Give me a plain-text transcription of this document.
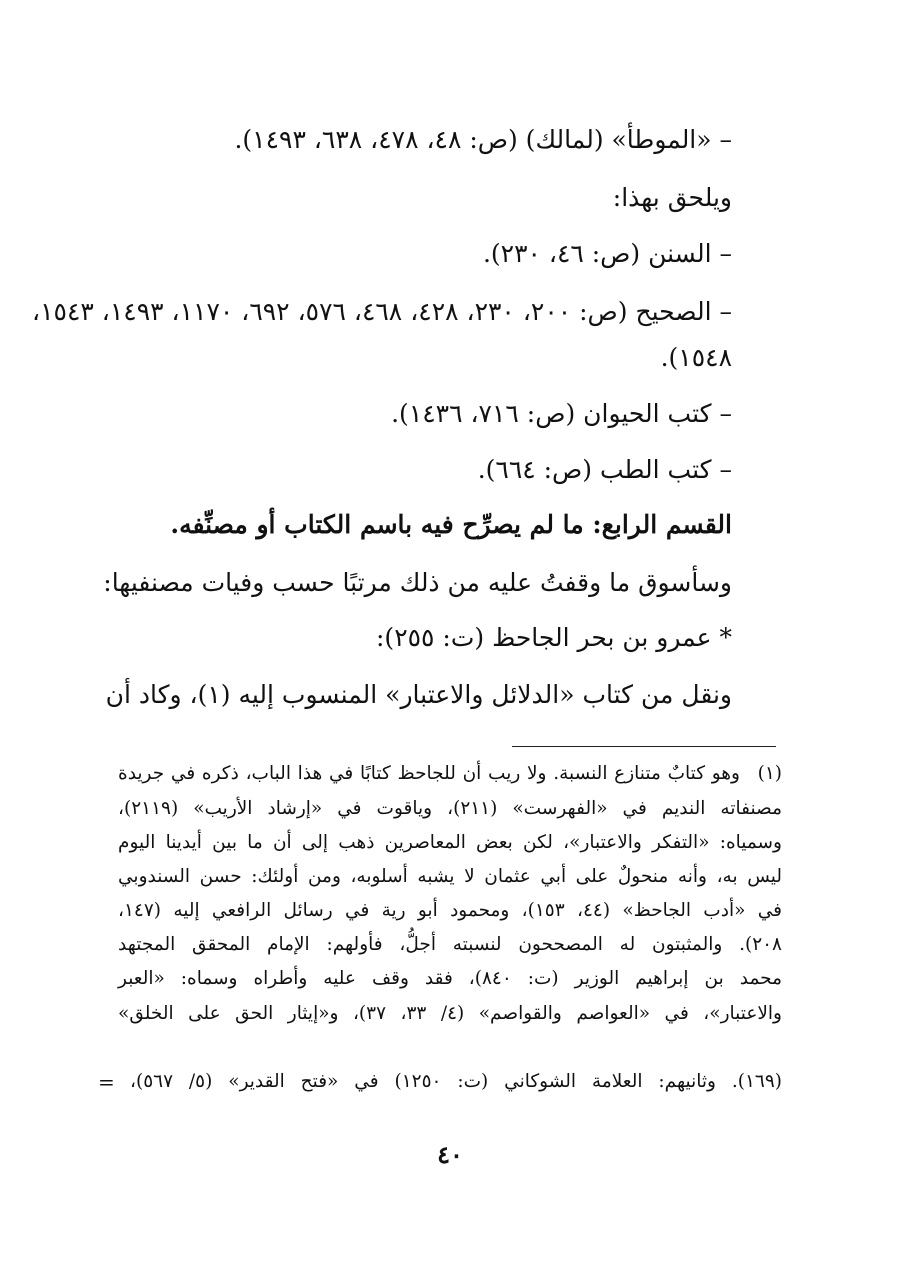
– «الموطأ» (لمالك) (ص: ٤٨، ٤٧٨، ٦٣٨، ١٤٩٣).
ويلحق بهذا:
– السنن (ص: ٤٦، ٢٣٠).
– الصحيح (ص: ٢٠٠، ٢٣٠، ٤٢٨، ٤٦٨، ٥٧٦، ٦٩٢، ١١٧٠، ١٤٩٣، ١٥٤٣،
١٥٤٨).
– كتب الحيوان (ص: ٧١٦، ١٤٣٦).
– كتب الطب (ص: ٦٦٤).
القسم الرابع: ما لم يصرِّح فيه باسم الكتاب أو مصنِّفه.
وسأسوق ما وقفتُ عليه من ذلك مرتبًا حسب وفيات مصنفيها:
* عمرو بن بحر الجاحظ (ت: ٢٥٥):
ونقل من كتاب «الدلائل والاعتبار» المنسوب إليه (١)، وكاد أن
(١)
وهو كتابٌ متنازع النسبة. ولا ريب أن للجاحظ كتابًا في هذا الباب، ذكره في جريدة
مصنفاته النديم في «الفهرست» (٢١١)، وياقوت في «إرشاد الأريب» (٢١١٩)،
وسمياه: «التفكر والاعتبار»، لكن بعض المعاصرين ذهب إلى أن ما بين أيدينا اليوم
ليس به، وأنه منحولٌ على أبي عثمان لا يشبه أسلوبه، ومن أولئك: حسن السندوبي
في «أدب الجاحظ» (٤٤، ١٥٣)، ومحمود أبو رية في رسائل الرافعي إليه (١٤٧،
٢٠٨). والمثبتون له المصححون لنسبته أجلُّ، فأولهم: الإمام المحقق المجتهد
محمد بن إبراهيم الوزير (ت: ٨٤٠)، فقد وقف عليه وأطراه وسماه: «العبر
والاعتبار»، في «العواصم والقواصم» (٤/ ٣٣، ٣٧)، و«إيثار الحق على الخلق»
(١٦٩). وثانيهم: العلامة الشوكاني (ت: ١٢٥٠) في «فتح القدير» (٥/ ٥٦٧)،
=
٤٠
